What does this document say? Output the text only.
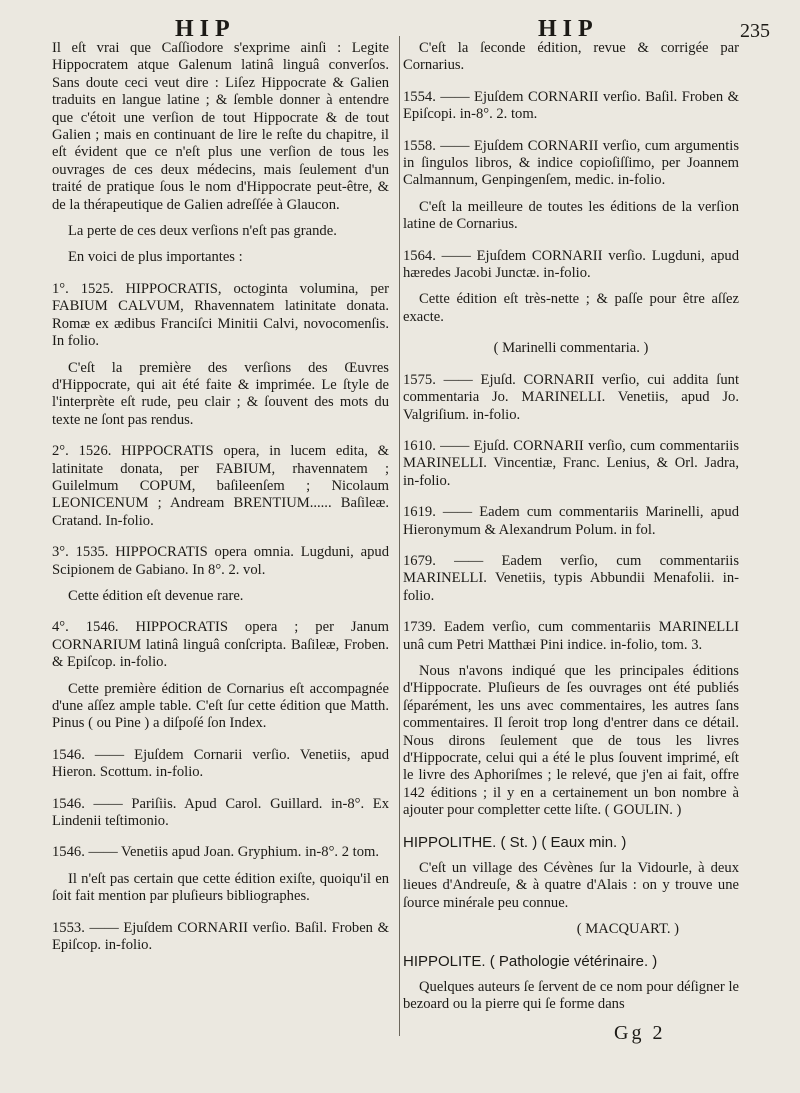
HIP	HIP	235

Il eſt vrai que Caſſiodore s'exprime ainſi : Legite Hippocratem atque Galenum latinâ linguâ converſos. Sans doute ceci veut dire : Liſez Hippocrate & Galien traduits en langue latine ; & ſemble donner à entendre que c'étoit une verſion de tout Hippocrate & de tout Galien ; mais en continuant de lire le reſte du chapitre, il eſt évident que ce n'eſt plus une verſion de tous les ouvrages de ces deux médecins, mais ſeulement d'un traité de pratique ſous le nom d'Hippocrate peut-être, & de la thérapeutique de Galien adreſſée à Glaucon.

La perte de ces deux verſions n'eſt pas grande.

En voici de plus importantes :

1°. 1525. HIPPOCRATIS, octoginta volumina, per FABIUM CALVUM, Rhavennatem latinitate donata. Romæ ex ædibus Franciſci Minitii Calvi, novocomenſis. In folio.

C'eſt la première des verſions des Œuvres d'Hippocrate, qui ait été faite & imprimée. Le ſtyle de l'interprète eſt rude, peu clair ; & ſouvent des mots du texte ne ſont pas rendus.

2°. 1526. HIPPOCRATIS opera, in lucem edita, & latinitate donata, per FABIUM, rhavennatem ; Guilelmum COPUM, baſileenſem ; Nicolaum LEONICENUM ; Andream BRENTIUM...... Baſileæ. Cratand. In-folio.

3°. 1535. HIPPOCRATIS opera omnia. Lugduni, apud Scipionem de Gabiano. In 8°. 2. vol.

Cette édition eſt devenue rare.

4°. 1546. HIPPOCRATIS opera ; per Janum CORNARIUM latinâ linguâ conſcripta. Baſileæ, Froben. & Epiſcop. in-folio.

Cette première édition de Cornarius eſt accompagnée d'une aſſez ample table. C'eſt ſur cette édition que Matth. Pinus ( ou Pine ) a diſpoſé ſon Index.

1546. —— Ejuſdem Cornarii verſio. Venetiis, apud Hieron. Scottum. in-folio.

1546. —— Pariſiis. Apud Carol. Guillard. in-8°. Ex Lindenii teſtimonio.

1546. —— Venetiis apud Joan. Gryphium. in-8°. 2 tom.

Il n'eſt pas certain que cette édition exiſte, quoiqu'il en ſoit fait mention par pluſieurs bibliographes.

1553. —— Ejuſdem CORNARII verſio. Baſil. Froben & Epiſcop. in-folio.

C'eſt la ſeconde édition, revue & corrigée par Cornarius.

1554. —— Ejuſdem CORNARII verſio. Baſil. Froben & Epiſcopi. in-8°. 2. tom.

1558. —— Ejuſdem CORNARII verſio, cum argumentis in ſingulos libros, & indice copioſiſſimo, per Joannem Calmannum, Genpingenſem, medic. in-folio.

C'eſt la meilleure de toutes les éditions de la verſion latine de Cornarius.

1564. —— Ejuſdem CORNARII verſio. Lugduni, apud hæredes Jacobi Junctæ. in-folio.

Cette édition eſt très-nette ; & paſſe pour être aſſez exacte.

( Marinelli commentaria. )

1575. —— Ejuſd. CORNARII verſio, cui addita ſunt commentaria Jo. MARINELLI. Venetiis, apud Jo. Valgriſium. in-folio.

1610. —— Ejuſd. CORNARII verſio, cum commentariis MARINELLI. Vincentiæ, Franc. Lenius, & Orl. Jadra, in-folio.

1619. —— Eadem cum commentariis Marinelli, apud Hieronymum & Alexandrum Polum. in fol.

1679. —— Eadem verſio, cum commentariis MARINELLI. Venetiis, typis Abbundii Menafolii. in-folio.

1739. Eadem verſio, cum commentariis MARINELLI unâ cum Petri Matthæi Pini indice. in-folio, tom. 3.

Nous n'avons indiqué que les principales éditions d'Hippocrate. Pluſieurs de ſes ouvrages ont été publiés ſéparément, les uns avec commentaires, les autres ſans commentaires. Il ſeroit trop long d'entrer dans ce détail. Nous dirons ſeulement que de tous les livres d'Hippocrate, celui qui a été le plus ſouvent imprimé, eſt le livre des Aphoriſmes ; le relevé, que j'en ai fait, offre 142 éditions ; il y en a certainement un bon nombre à ajouter pour completter cette liſte. ( GOULIN. )

HIPPOLITHE. ( St. ) ( Eaux min. )

C'eſt un village des Cévènes ſur la Vidourle, à deux lieues d'Andreuſe, & à quatre d'Alais : on y trouve une ſource minérale peu connue.

( MACQUART. )

HIPPOLITE. ( Pathologie vétérinaire. )

Quelques auteurs ſe ſervent de ce nom pour déſigner le bezoard ou la pierre qui ſe forme dans

Gg 2
